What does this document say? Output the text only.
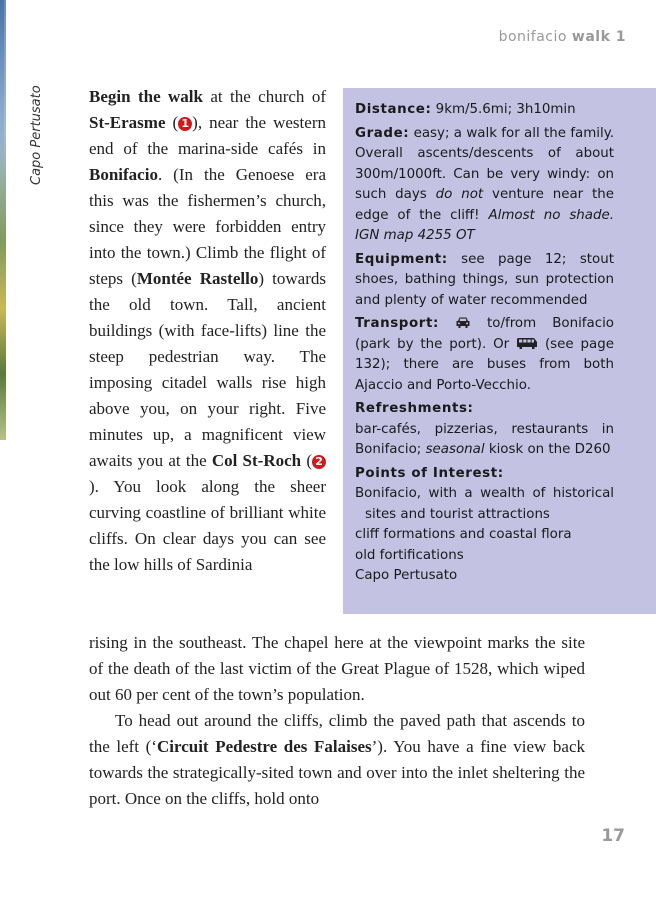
Capo Pertusato
bonifacio walk 1
Begin the walk at the church of St-Erasme ( 1 ), near the western end of the marina-side cafés in Bonifacio. (In the Genoese era this was the fishermen’s church, since they were forbidden entry into the town.) Climb the flight of steps (Montée Rastello) towards the old town. Tall, ancient buildings (with face-lifts) line the steep pedestrian way. The imposing citadel walls rise high above you, on your right. Five minutes up, a magnificent view awaits you at the Col St-Roch ( 2). You look along the sheer curving coastline of brilliant white cliffs. On clear days you can see the low hills of Sardinia
Distance: 9km/5.6mi; 3h10min
Grade: easy; a walk for all the family. Overall ascents/descents of about 300m/1000ft. Can be very windy: on such days do not venture near the edge of the cliff! Almost no shade. IGN map 4255 OT
Equipment: see page 12; stout shoes, bathing things, sun protection and plenty of water recommended
Transport:  to/from Bonifacio (park by the port). Or  (see page 132); there are buses from both Ajaccio and Porto-Vecchio.
Refreshments:
bar-cafés, pizzerias, restaurants in Bonifacio; seasonal kiosk on the D260
Points of Interest:
Bonifacio, with a wealth of historical sites and tourist attractions
cliff formations and coastal flora
old fortifications
Capo Pertusato

rising in the southeast. The chapel here at the viewpoint marks the site of the death of the last victim of the Great Plague of 1528, which wiped out 60 per cent of the town’s population.

To head out around the cliffs, climb the paved path that ascends to the left (‘Circuit Pedestre des Falaises’). You have a fine view back towards the strategically-sited town and over into the inlet sheltering the port. Once on the cliffs, hold onto

17
